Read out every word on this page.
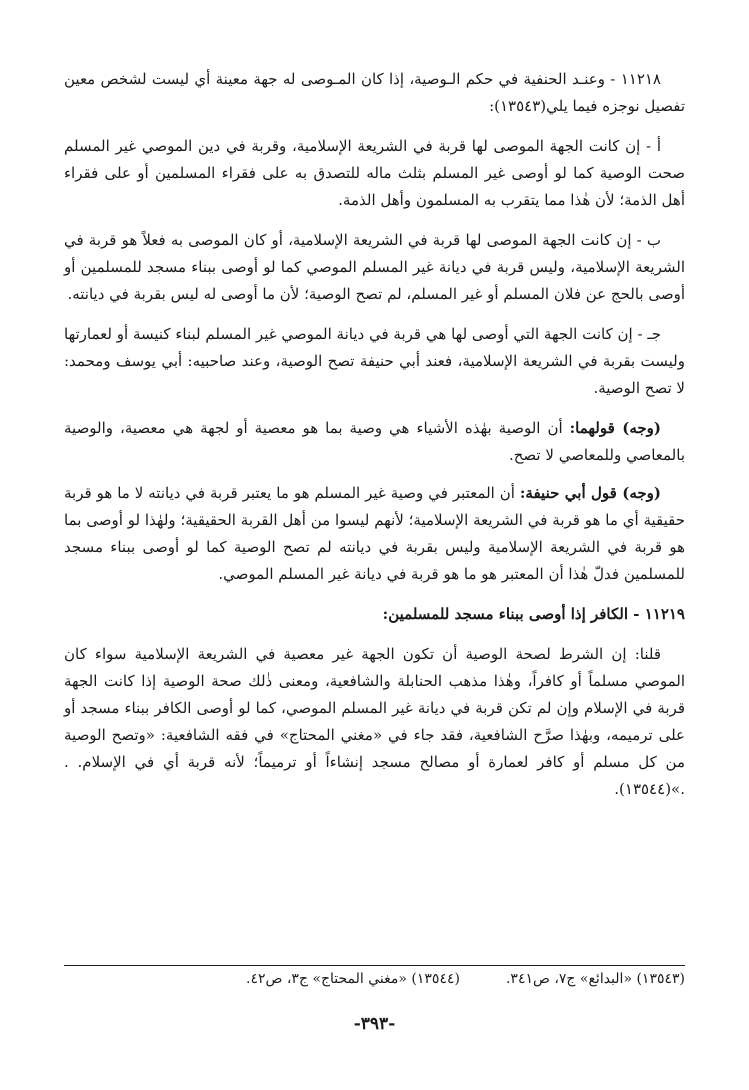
١١٢١٨ - وعنـد الحنفية في حكم الـوصية، إذا كان المـوصى له جهة معينة أي ليست لشخص معين تفصيل نوجزه فيما يلي(١٣٥٤٣):

أ - إن كانت الجهة الموصى لها قربة في الشريعة الإسلامية، وقربة في دين الموصي غير المسلم صحت الوصية كما لو أوصى غير المسلم بثلث ماله للتصدق به على فقراء المسلمين أو على فقراء أهل الذمة؛ لأن هٰذا مما يتقرب به المسلمون وأهل الذمة.

ب - إن كانت الجهة الموصى لها قربة في الشريعة الإسلامية، أو كان الموصى به فعلاً هو قربة في الشريعة الإسلامية، وليس قربة في ديانة غير المسلم الموصي كما لو أوصى ببناء مسجد للمسلمين أو أوصى بالحج عن فلان المسلم أو غير المسلم، لم تصح الوصية؛ لأن ما أوصى له ليس بقربة في ديانته.

جـ - إن كانت الجهة التي أوصى لها هي قربة في ديانة الموصي غير المسلم لبناء كنيسة أو لعمارتها وليست بقربة في الشريعة الإسلامية، فعند أبي حنيفة تصح الوصية، وعند صاحبيه: أبي يوسف ومحمد: لا تصح الوصية.

(وجه) قولهما: أن الوصية بهٰذه الأشياء هي وصية بما هو معصية أو لجهة هي معصية، والوصية بالمعاصي وللمعاصي لا تصح.

(وجه) قول أبي حنيفة: أن المعتبر في وصية غير المسلم هو ما يعتبر قربة في ديانته لا ما هو قربة حقيقية أي ما هو قربة في الشريعة الإسلامية؛ لأنهم ليسوا من أهل القربة الحقيقية؛ ولهٰذا لو أوصى بما هو قربة في الشريعة الإسلامية وليس بقربة في ديانته لم تصح الوصية كما لو أوصى ببناء مسجد للمسلمين فدلّ هٰذا أن المعتبر هو ما هو قربة في ديانة غير المسلم الموصي.

١١٢١٩ - الكافر إذا أوصى ببناء مسجد للمسلمين:

قلنا: إن الشرط لصحة الوصية أن تكون الجهة غير معصية في الشريعة الإسلامية سواء كان الموصي مسلماً أو كافراً، وهٰذا مذهب الحنابلة والشافعية، ومعنى ذٰلك صحة الوصية إذا كانت الجهة قربة في الإسلام وإن لم تكن قربة في ديانة غير المسلم الموصي، كما لو أوصى الكافر ببناء مسجد أو على ترميمه، وبهٰذا صرَّح الشافعية، فقد جاء في «مغني المحتاج» في فقه الشافعية: «وتصح الوصية من كل مسلم أو كافر لعمارة أو مصالح مسجد إنشاءاً أو ترميماً؛ لأنه قربة أي في الإسلام. . .»(١٣٥٤٤).

(١٣٥٤٣) «البدائع» ج٧، ص٣٤١.
(١٣٥٤٤) «مغني المحتاج» ج٣، ص٤٢.
-٣٩٣-
